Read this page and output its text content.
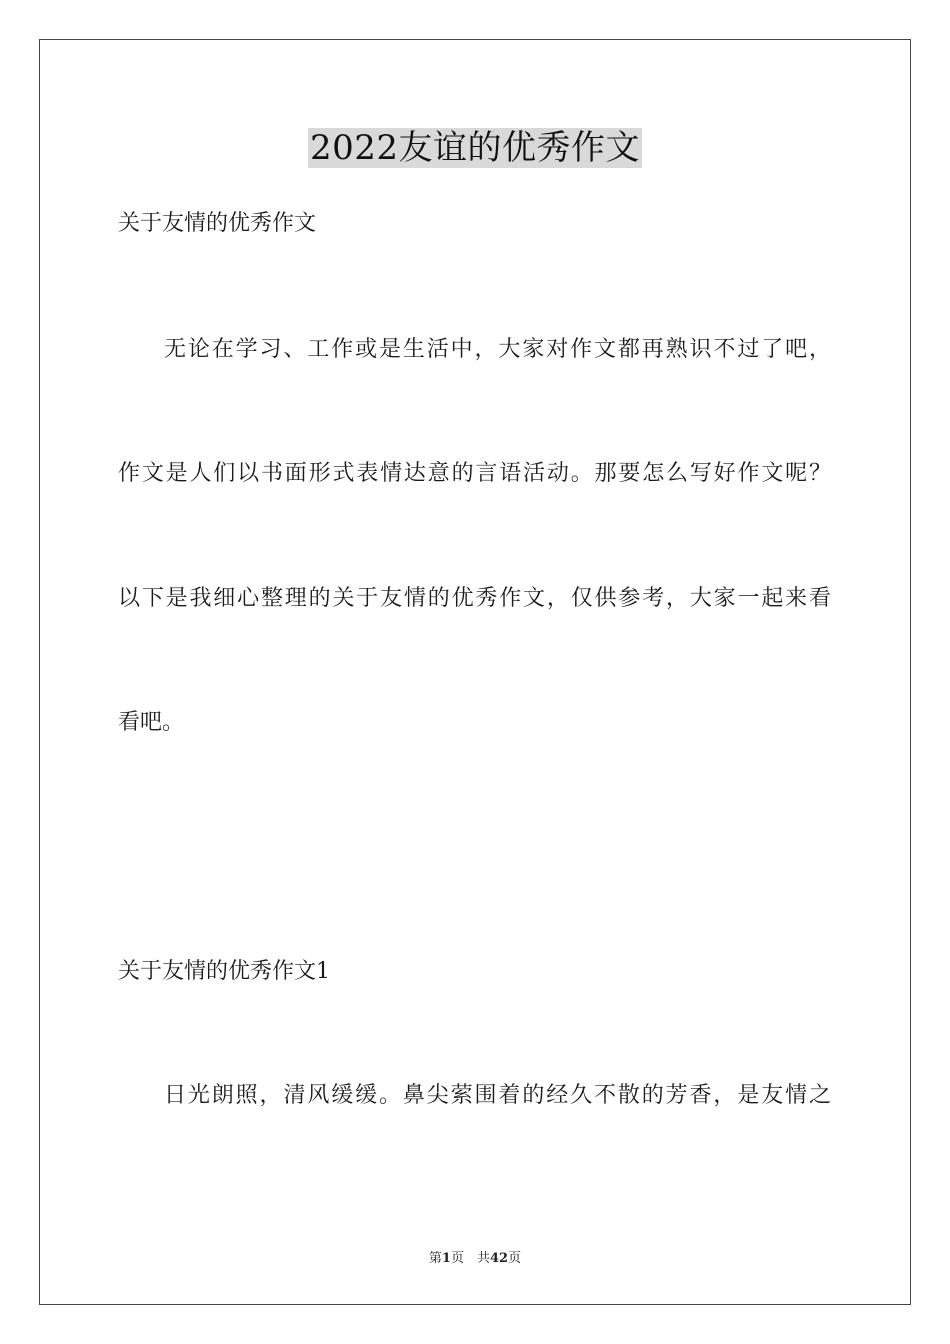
2022友谊的优秀作文
关于友情的优秀作文
无论在学习、工作或是生活中，大家对作文都再熟识不过了吧，
作文是人们以书面形式表情达意的言语活动。那要怎么写好作文呢？
以下是我细心整理的关于友情的优秀作文，仅供参考，大家一起来看
看吧。
关于友情的优秀作文1
日光朗照，清风缓缓。鼻尖萦围着的经久不散的芳香，是友情之
第1页　共42页
